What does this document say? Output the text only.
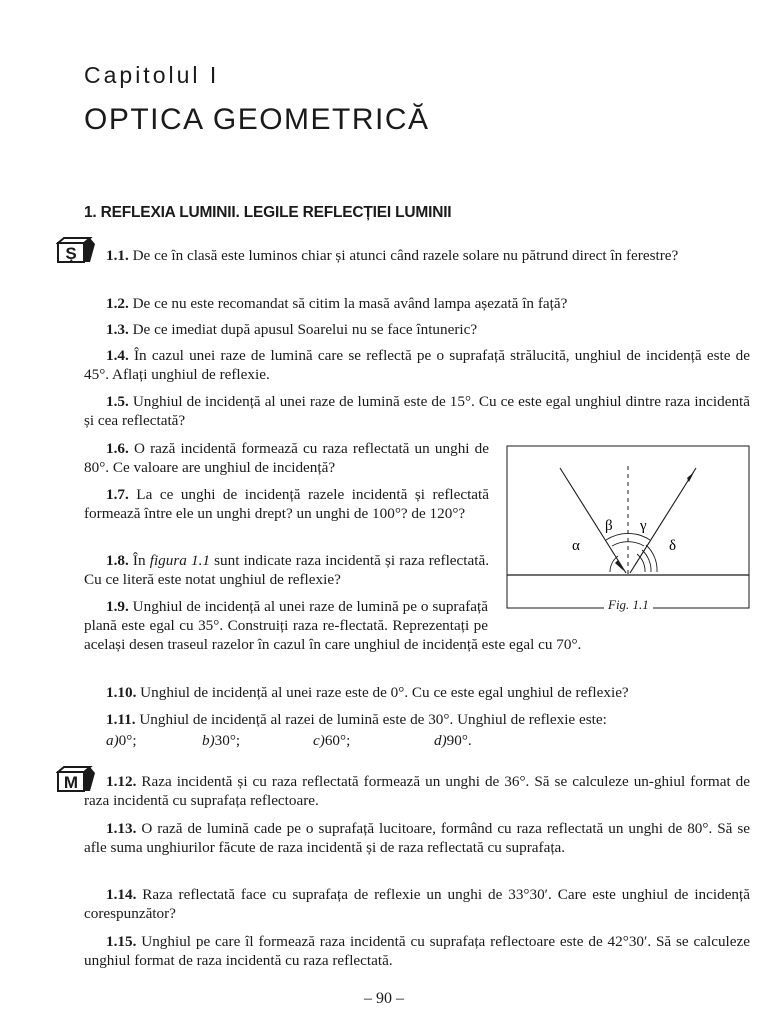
Capitolul I
OPTICA GEOMETRICĂ
1. REFLEXIA LUMINII. LEGILE REFLECȚIEI LUMINII
Ș
M

1.1. De ce în clasă este luminos chiar și atunci când razele solare nu pătrund direct în ferestre?

1.2. De ce nu este recomandat să citim la masă având lampa așezată în față?

1.3. De ce imediat după apusul Soarelui nu se face întuneric?

1.4. În cazul unei raze de lumină care se reflectă pe o suprafață strălucită, unghiul de incidență este de 45°. Aflați unghiul de reflexie.

1.5. Unghiul de incidență al unei raze de lumină este de 15°. Cu ce este egal unghiul dintre raza incidentă și cea reflectată?

1.6. O rază incidentă formează cu raza reflectată un unghi de 80°. Ce valoare are unghiul de incidență?

1.7. La ce unghi de incidență razele incidentă și reflectată formează între ele un unghi drept? un unghi de 100°? de 120°?

1.8. În figura 1.1 sunt indicate raza incidentă și raza reflectată. Cu ce literă este notat unghiul de reflexie?

1.9. Unghiul de incidență al unei raze de lumină pe o suprafață plană este egal cu 35°. Construiți raza re-flectată. Reprezentați pe același desen traseul razelor în cazul în care unghiul de incidență este egal cu 70°.

1.10. Unghiul de incidență al unei raze este de 0°. Cu ce este egal unghiul de reflexie?

1.11. Unghiul de incidență al razei de lumină este de 30°. Unghiul de reflexie este:

a) 0°;	b) 30°;	c) 60°;	d) 90°.

1.12. Raza incidentă și cu raza reflectată formează un unghi de 36°. Să se calculeze un-ghiul format de raza incidentă cu suprafața reflectoare.

1.13. O rază de lumină cade pe o suprafață lucitoare, formând cu raza reflectată un unghi de 80°. Să se afle suma unghiurilor făcute de raza incidentă și de raza reflectată cu suprafața.

1.14. Raza reflectată face cu suprafața de reflexie un unghi de 33°30′. Care este unghiul de incidență corespunzător?

1.15. Unghiul pe care îl formează raza incidentă cu suprafața reflectoare este de 42°30′. Să se calculeze unghiul format de raza incidentă cu raza reflectată.

α
β γ
δ
Fig. 1.1
– 90 –
